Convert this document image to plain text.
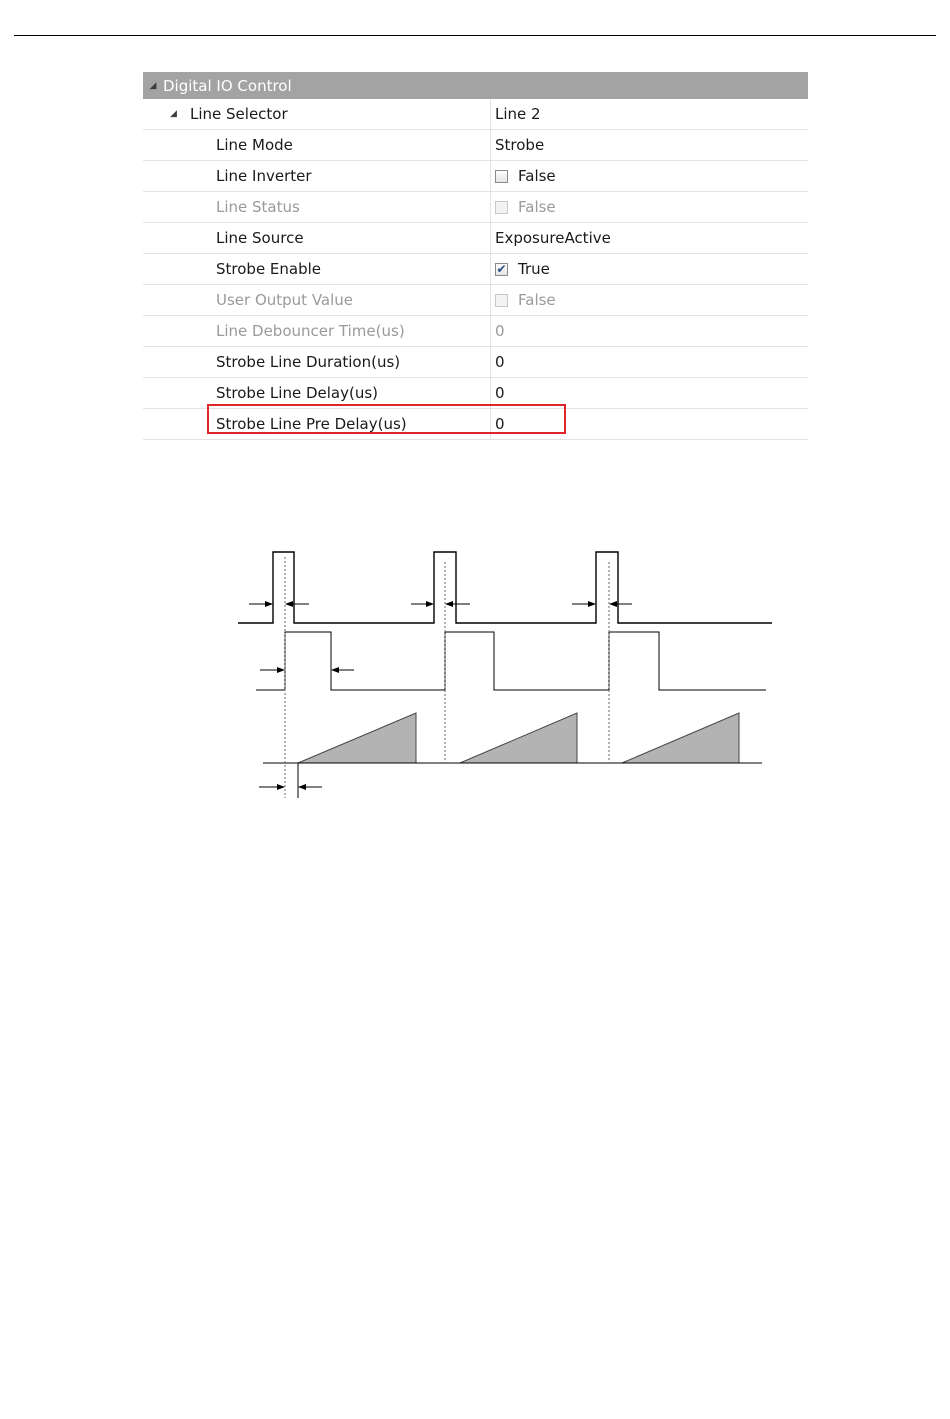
◢ Digital IO Control
◢ Line Selector	Line 2
Line Mode	Strobe
Line Inverter	False
Line Status	False
Line Source	ExposureActive
Strobe Enable	✔ True
User Output Value	False
Line Debouncer Time(us)	0
Strobe Line Duration(us)	0
Strobe Line Delay(us)	0
Strobe Line Pre Delay(us)	0
